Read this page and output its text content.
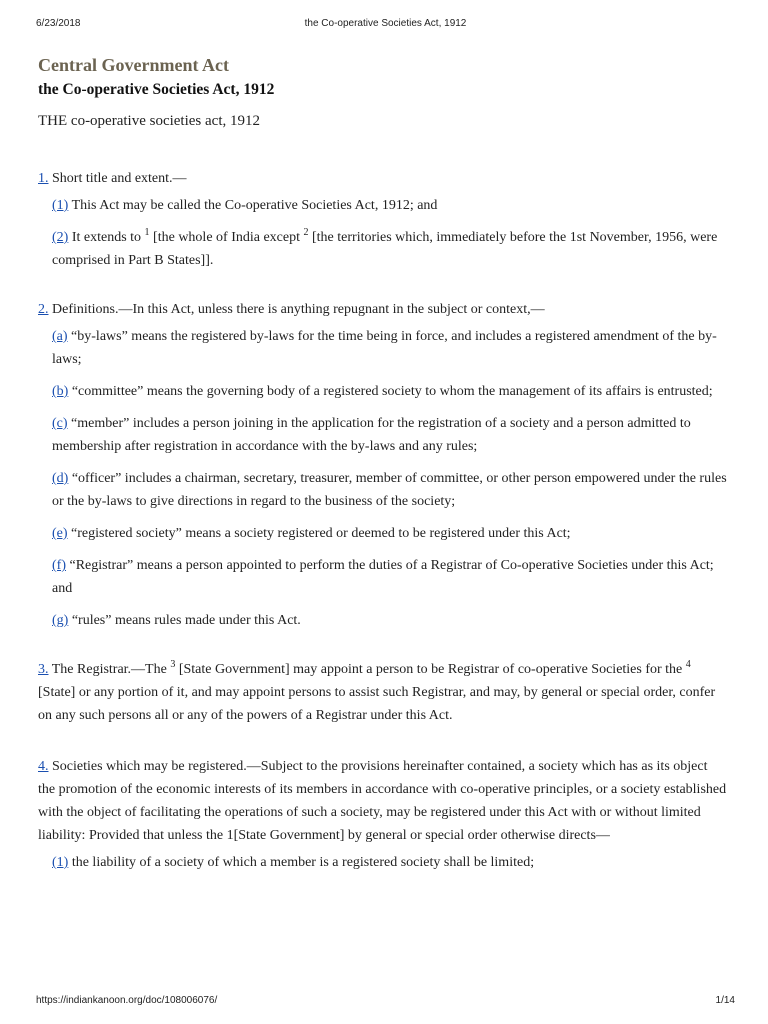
6/23/2018	the Co-operative Societies Act, 1912
Central Government Act
the Co-operative Societies Act, 1912
THE co-operative societies act, 1912
1. Short title and extent.—
(1) This Act may be called the Co-operative Societies Act, 1912; and
(2) It extends to $^1$ [the whole of India except $^2$ [the territories which, immediately before the 1st November, 1956, were comprised in Part B States]].
2. Definitions.—In this Act, unless there is anything repugnant in the subject or context,—
(a) “by-laws” means the registered by-laws for the time being in force, and includes a registered amendment of the by-laws;
(b) “committee” means the governing body of a registered society to whom the management of its affairs is entrusted;
(c) “member” includes a person joining in the application for the registration of a society and a person admitted to membership after registration in accordance with the by-laws and any rules;
(d) “officer” includes a chairman, secretary, treasurer, member of committee, or other person empowered under the rules or the by-laws to give directions in regard to the business of the society;
(e) “registered society” means a society registered or deemed to be registered under this Act;
(f) “Registrar” means a person appointed to perform the duties of a Registrar of Co-operative Societies under this Act; and
(g) “rules” means rules made under this Act.
3. The Registrar.—The $^3$ [State Government] may appoint a person to be Registrar of co-operative Societies for the $^4$ [State] or any portion of it, and may appoint persons to assist such Registrar, and may, by general or special order, confer on any such persons all or any of the powers of a Registrar under this Act.
4. Societies which may be registered.—Subject to the provisions hereinafter contained, a society which has as its object the promotion of the economic interests of its members in accordance with co-operative principles, or a society established with the object of facilitating the operations of such a society, may be registered under this Act with or without limited liability: Provided that unless the 1[State Government] by general or special order otherwise directs—
(1) the liability of a society of which a member is a registered society shall be limited;
https://indiankanoon.org/doc/108006076/	1/14
